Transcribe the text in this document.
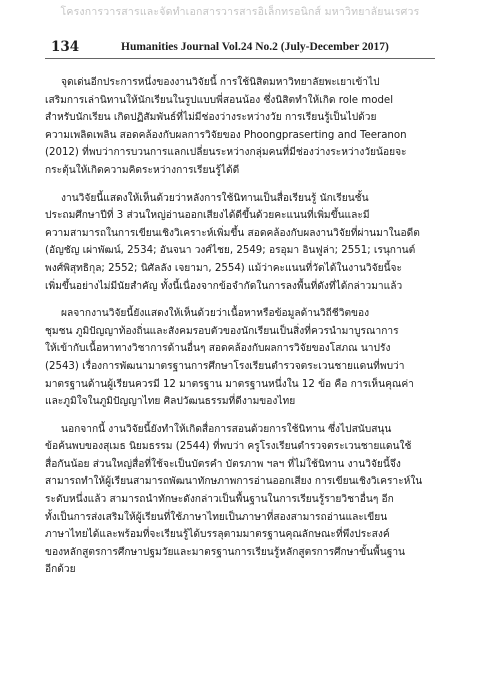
โครงการวารสารและจัดทำเอกสารวารสารอิเล็กทรอนิกส์ มหาวิทยาลัยนเรศวร
134	Humanities Journal Vol.24 No.2 (July-December 2017)
จุดเด่นอีกประการหนึ่งของงานวิจัยนี้ การใช้นิสิตมหาวิทยาลัยพะเยาเข้าไป
เสริมการเล่านิทานให้นักเรียนในรูปแบบพี่สอนน้อง ซึ่งนิสิตทำให้เกิด role model
สำหรับนักเรียน เกิดปฏิสัมพันธ์ที่ไม่มีช่องว่างระหว่างวัย การเรียนรู้เป็นไปด้วย
ความเพลิดเพลิน สอดคล้องกับผลการวิจัยของ Phoongpraserting and Teeranon
(2012) ที่พบว่าการบวนการแลกเปลี่ยนระหว่างกลุ่มคนที่มีช่องว่างระหว่างวัยน้อยจะ
กระตุ้นให้เกิดความคิดระหว่างการเรียนรู้ได้ดี
งานวิจัยนี้แสดงให้เห็นด้วยว่าหลังการใช้นิทานเป็นสื่อเรียนรู้ นักเรียนชั้น
ประถมศึกษาปีที่ 3 ส่วนใหญ่อ่านออกเสียงได้ดีขึ้นด้วยคะแนนที่เพิ่มขึ้นและมี
ความสามารถในการเขียนเชิงวิเคราะห์เพิ่มขึ้น สอดคล้องกับผลงานวิจัยที่ผ่านมาในอดีต
(อัญชัญ เผ่าพัฒน์, 2534; อันจนา วงศ์ไชย, 2549; อรอุมา อินฟูล่า; 2551; เรนุกานต์
พงศ์พิสุทธิกุล; 2552; นิศัลลัง เจยามา, 2554) แม้ว่าคะแนนที่วัดได้ในงานวิจัยนี้จะ
เพิ่มขึ้นอย่างไม่มีนัยสำคัญ ทั้งนี้เนื่องจากข้อจำกัดในการลงพื้นที่ดังที่ได้กล่าวมาแล้ว
ผลจากงานวิจัยนี้ยังแสดงให้เห็นด้วยว่าเนื้อหาหรือข้อมูลด้านวิถีชีวิตของ
ชุมชน ภูมิปัญญาท้องถิ่นและสังคมรอบตัวของนักเรียนเป็นสิ่งที่ควรนำมาบูรณาการ
ให้เข้ากับเนื้อหาทางวิชาการด้านอื่นๆ สอดคล้องกับผลการวิจัยของโสภณ นาปรัง
(2543) เรื่องการพัฒนามาตรฐานการศึกษาโรงเรียนตำรวจตระเวนชายแดนที่พบว่า
มาตรฐานด้านผู้เรียนควรมี 12 มาตรฐาน มาตรฐานหนึ่งใน 12 ข้อ คือ การเห็นคุณค่า
และภูมิใจในภูมิปัญญาไทย ศิลปวัฒนธรรมที่ดีงามของไทย
นอกจากนี้ งานวิจัยนี้ยังทำให้เกิดสื่อการสอนด้วยการใช้นิทาน ซึ่งไปสนับสนุน
ข้อค้นพบของสุเมธ นิยมธรรม (2544) ที่พบว่า ครูโรงเรียนตำรวจตระเวนชายแดนใช้
สื่อกันน้อย ส่วนใหญ่สื่อที่ใช้จะเป็นบัตรคำ บัตรภาพ ฯลฯ ที่ไม่ใช้นิทาน งานวิจัยนี้จึง
สามารถทำให้ผู้เรียนสามารถพัฒนาทักษภาพการอ่านออกเสียง การเขียนเชิงวิเคราะห์ใน
ระดับหนึ่งแล้ว สามารถนำทักษะดังกล่าวเป็นพื้นฐานในการเรียนรู้รายวิชาอื่นๆ อีก
ทั้งเป็นการส่งเสริมให้ผู้เรียนที่ใช้ภาษาไทยเป็นภาษาที่สองสามารถอ่านและเขียน
ภาษาไทยได้และพร้อมที่จะเรียนรู้ได้บรรลุตามมาตรฐานคุณลักษณะที่พึงประสงค์
ของหลักสูตรการศึกษาปฐมวัยและมาตรฐานการเรียนรู้หลักสูตรการศึกษาขั้นพื้นฐาน
อีกด้วย
